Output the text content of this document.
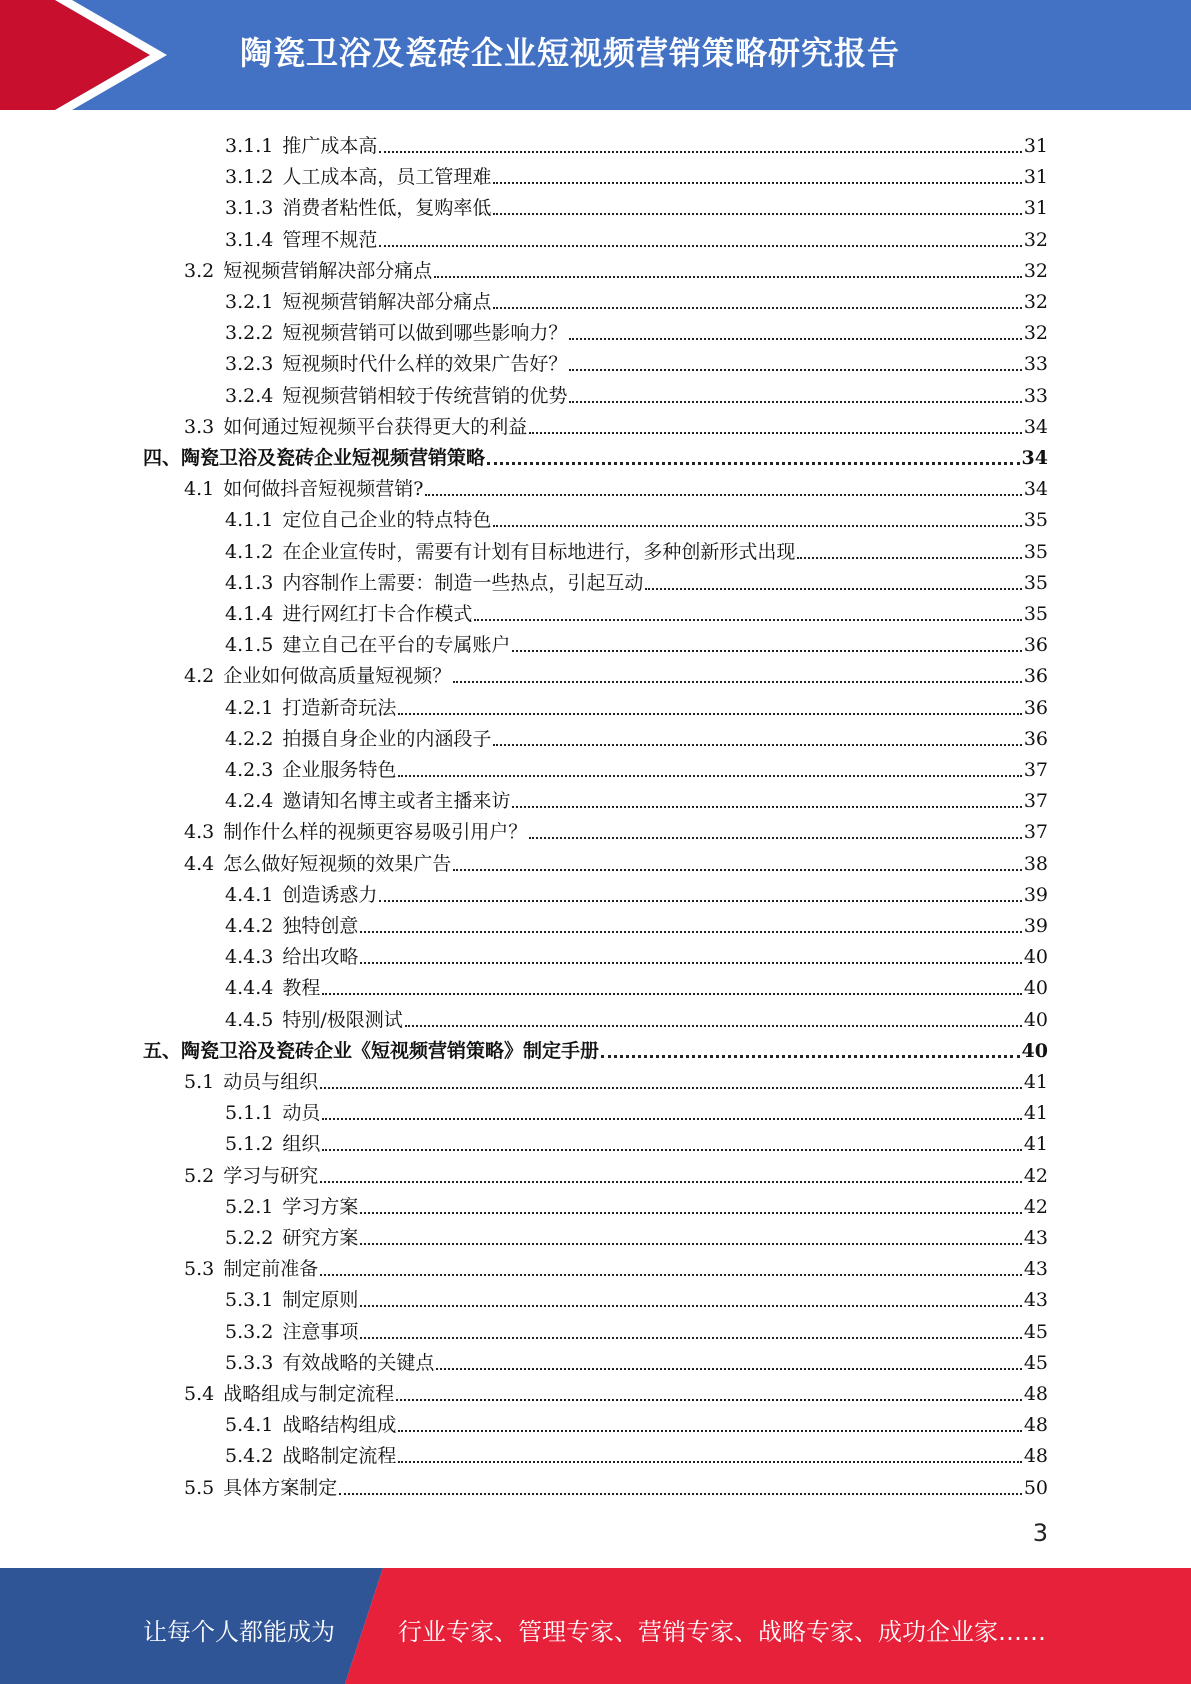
陶瓷卫浴及瓷砖企业短视频营销策略研究报告
3.1.1 推广成本高	31
3.1.2 人工成本高，员工管理难	31
3.1.3 消费者粘性低，复购率低	31
3.1.4 管理不规范	32
3.2 短视频营销解决部分痛点	32
3.2.1 短视频营销解决部分痛点	32
3.2.2 短视频营销可以做到哪些影响力？	32
3.2.3 短视频时代什么样的效果广告好？	33
3.2.4 短视频营销相较于传统营销的优势	33
3.3 如何通过短视频平台获得更大的利益	34
四、陶瓷卫浴及瓷砖企业短视频营销策略	34
4.1 如何做抖音短视频营销?	34
4.1.1 定位自己企业的特点特色	35
4.1.2 在企业宣传时，需要有计划有目标地进行，多种创新形式出现	35
4.1.3 内容制作上需要：制造一些热点，引起互动	35
4.1.4 进行网红打卡合作模式	35
4.1.5 建立自己在平台的专属账户	36
4.2 企业如何做高质量短视频？	36
4.2.1 打造新奇玩法	36
4.2.2 拍摄自身企业的内涵段子	36
4.2.3 企业服务特色	37
4.2.4 邀请知名博主或者主播来访	37
4.3 制作什么样的视频更容易吸引用户？	37
4.4 怎么做好短视频的效果广告	38
4.4.1 创造诱惑力	39
4.4.2 独特创意	39
4.4.3 给出攻略	40
4.4.4 教程	40
4.4.5 特别/极限测试	40
五、陶瓷卫浴及瓷砖企业《短视频营销策略》制定手册	40
5.1 动员与组织	41
5.1.1 动员	41
5.1.2 组织	41
5.2 学习与研究	42
5.2.1 学习方案	42
5.2.2 研究方案	43
5.3 制定前准备	43
5.3.1 制定原则	43
5.3.2 注意事项	45
5.3.3 有效战略的关键点	45
5.4 战略组成与制定流程	48
5.4.1 战略结构组成	48
5.4.2 战略制定流程	48
5.5 具体方案制定	50
3
让每个人都能成为	行业专家、管理专家、营销专家、战略专家、成功企业家……
